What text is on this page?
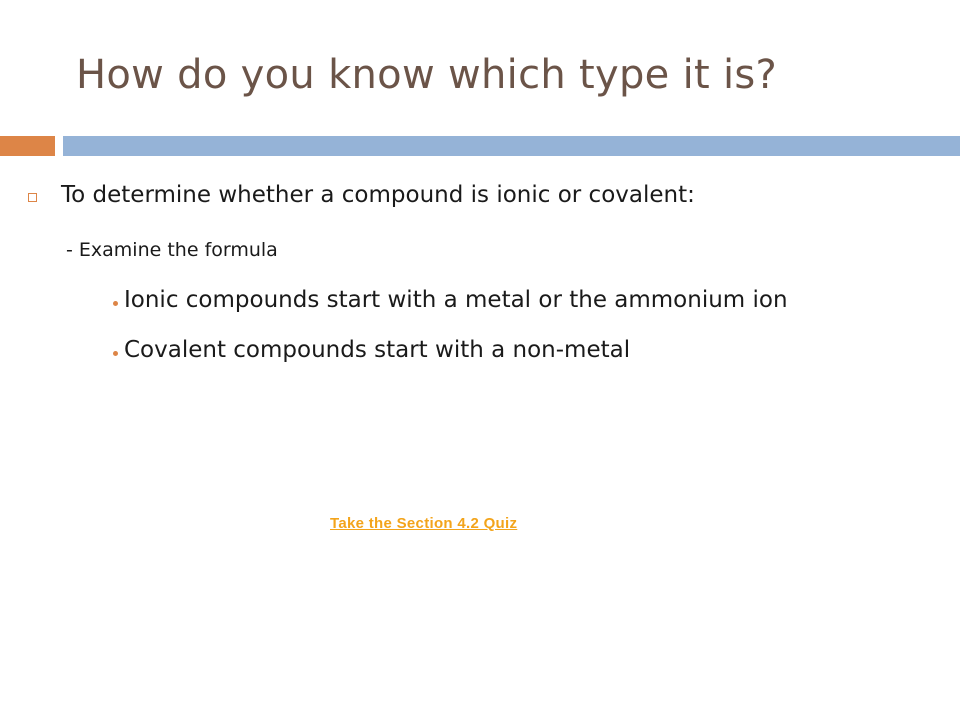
How do you know which type it is?
To determine whether a compound is ionic or covalent:
- Examine the formula
Ionic compounds start with a metal or the ammonium ion
Covalent compounds start with a non-metal
Take the Section 4.2 Quiz
